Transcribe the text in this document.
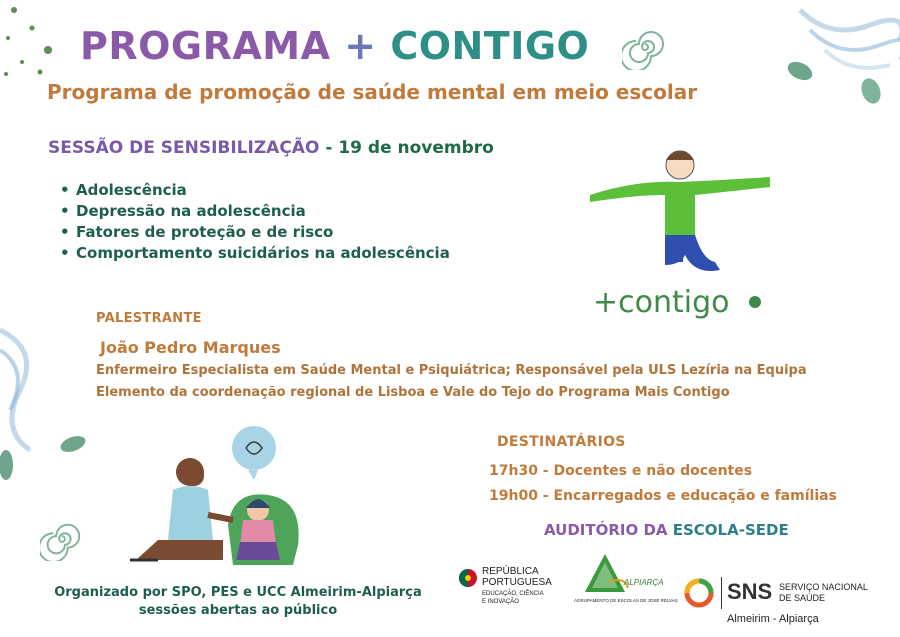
PROGRAMA + CONTIGO
Programa de promoção de saúde mental em meio escolar
SESSÃO DE SENSIBILIZAÇÃO - 19 de novembro
• Adolescência
• Depressão na adolescência
• Fatores de proteção e de risco
• Comportamento suicidários na adolescência
+contigo
PALESTRANTE
João Pedro Marques
Enfermeiro Especialista em Saúde Mental e Psiquiátrica; Responsável pela ULS Lezíria na Equipa
Elemento da coordenação regional de Lisboa e Vale do Tejo do Programa Mais Contigo
DESTINATÁRIOS
17h30 - Docentes e não docentes
19h00 - Encarregados e educação e famílias
AUDITÓRIO DA ESCOLA-SEDE
Organizado por SPO, PES e UCC Almeirim-Alpiarça
sessões abertas ao público
REPÚBLICA
PORTUGUESA
EDUCAÇÃO, CIÊNCIA
E INOVAÇÃO
ALPIARÇA
AGRUPAMENTO DE ESCOLAS DE JOSÉ RELVAS SNS SERVIÇO NACIONAL
DE SAÚDE
Almeirim - Alpiarça
